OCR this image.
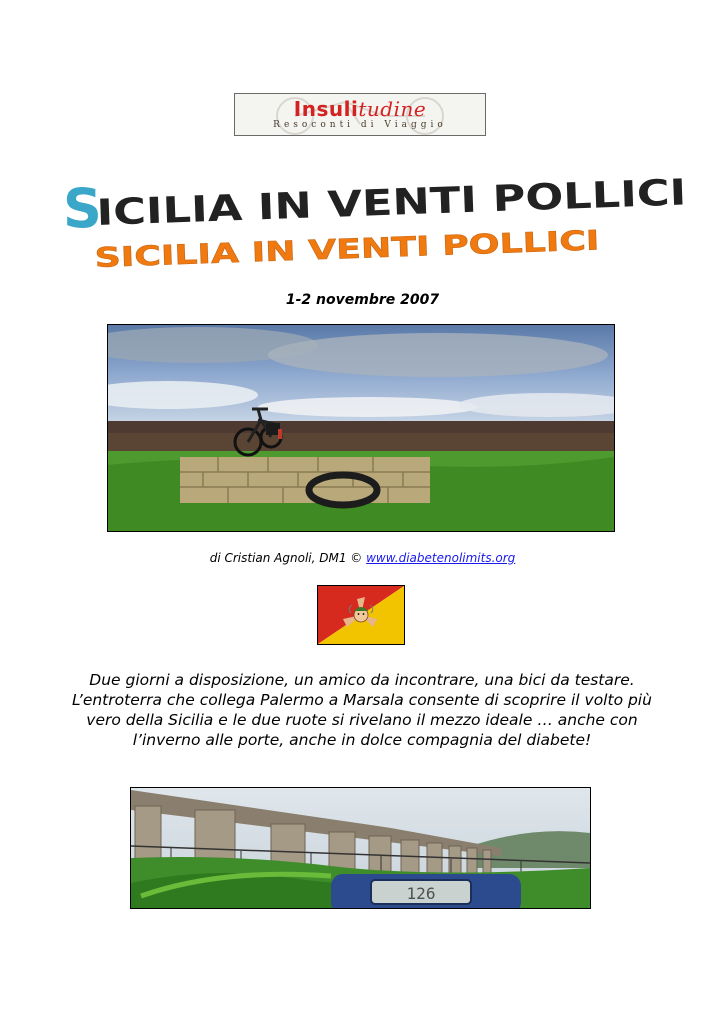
Insulitudine
Resoconti di Viaggio
S
ICILIA IN VENTI POLLICI
SICILIA IN VENTI POLLICI
1-2 novembre 2007
di Cristian Agnoli, DM1 © www.diabetenolimits.org
Due giorni a disposizione, un amico da incontrare, una bici da testare.
L’entroterra che collega Palermo a Marsala consente di scoprire il volto più
vero della Sicilia e le due ruote si rivelano il mezzo ideale … anche con
l’inverno alle porte, anche in dolce compagnia del diabete!
126
